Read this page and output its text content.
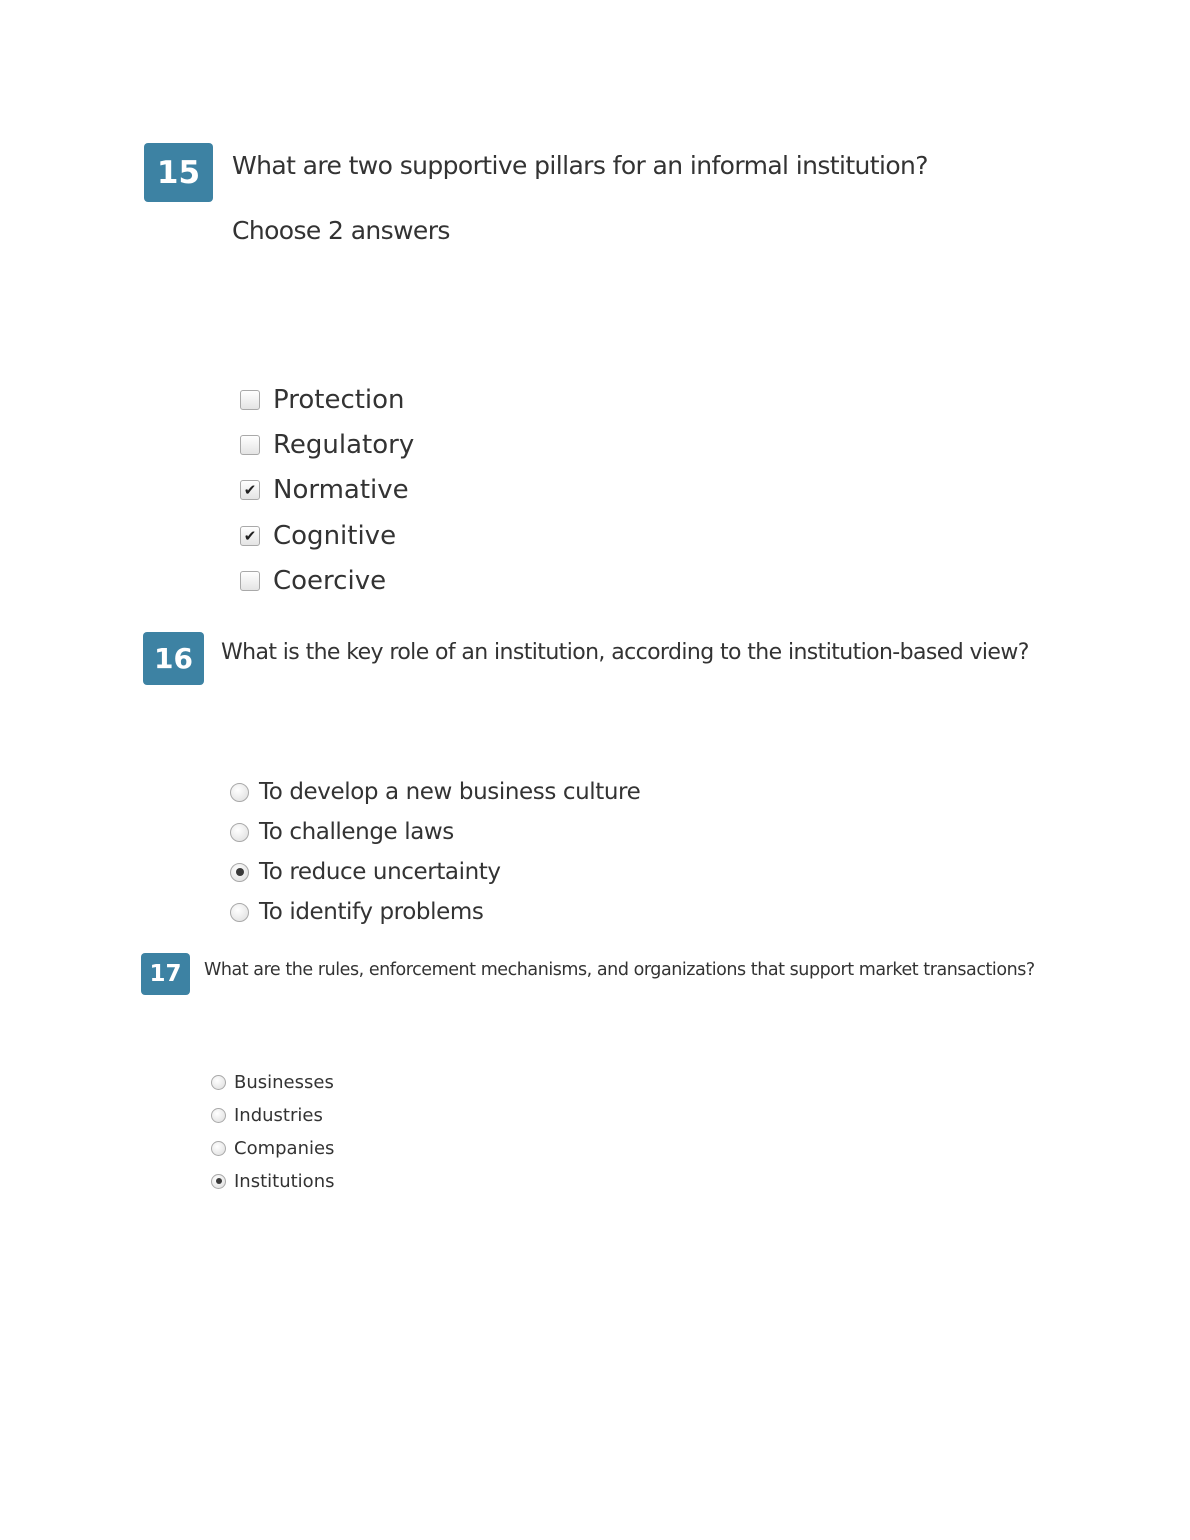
15	What are two supportive pillars for an informal institution?
Choose 2 answers
Protection
Regulatory
✔ Normative
✔ Cognitive
Coercive
16	What is the key role of an institution, according to the institution-based view?
To develop a new business culture
To challenge laws
To reduce uncertainty
To identify problems
17	What are the rules, enforcement mechanisms, and organizations that support market transactions?
Businesses
Industries
Companies
Institutions
